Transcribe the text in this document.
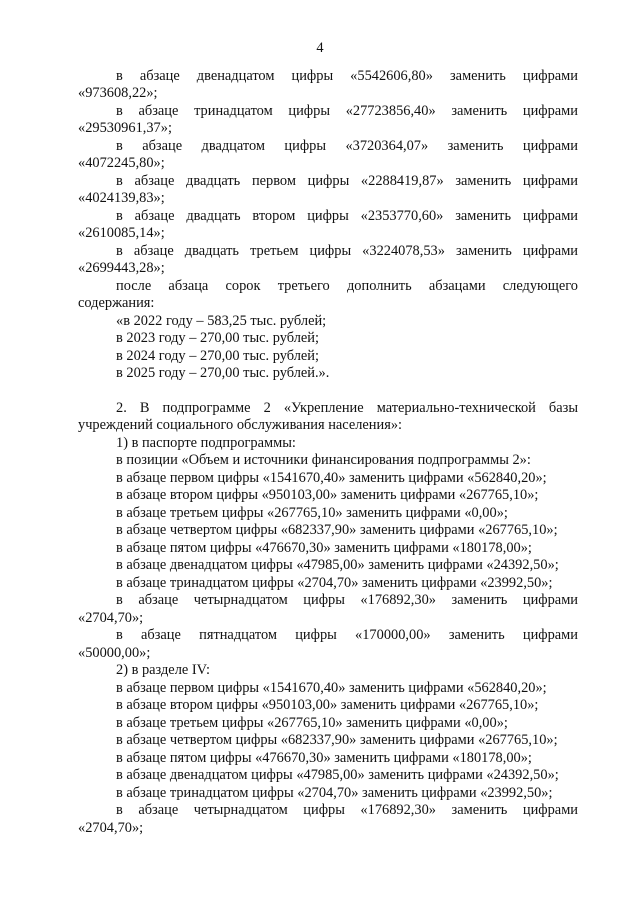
4
в абзаце двенадцатом цифры «5542606,80» заменить цифрами
«973608,22»;
в абзаце тринадцатом цифры «27723856,40» заменить цифрами
«29530961,37»;
в абзаце двадцатом цифры «3720364,07» заменить цифрами
«4072245,80»;
в абзаце двадцать первом цифры «2288419,87» заменить цифрами
«4024139,83»;
в абзаце двадцать втором цифры «2353770,60» заменить цифрами
«2610085,14»;
в абзаце двадцать третьем цифры «3224078,53» заменить цифрами
«2699443,28»;
после абзаца сорок третьего дополнить абзацами следующего
содержания:
«в 2022 году – 583,25 тыс. рублей;
в 2023 году – 270,00 тыс. рублей;
в 2024 году – 270,00 тыс. рублей;
в 2025 году – 270,00 тыс. рублей.».
2. В подпрограмме 2 «Укрепление материально-технической базы
учреждений социального обслуживания населения»:
1) в паспорте подпрограммы:
в позиции «Объем и источники финансирования подпрограммы 2»:
в абзаце первом цифры «1541670,40» заменить цифрами «562840,20»;
в абзаце втором цифры «950103,00» заменить цифрами «267765,10»;
в абзаце третьем цифры «267765,10» заменить цифрами «0,00»;
в абзаце четвертом цифры «682337,90» заменить цифрами «267765,10»;
в абзаце пятом цифры «476670,30» заменить цифрами «180178,00»;
в абзаце двенадцатом цифры «47985,00» заменить цифрами «24392,50»;
в абзаце тринадцатом цифры «2704,70» заменить цифрами «23992,50»;
в абзаце четырнадцатом цифры «176892,30» заменить цифрами
«2704,70»;
в абзаце пятнадцатом цифры «170000,00» заменить цифрами
«50000,00»;
2) в разделе IV:
в абзаце первом цифры «1541670,40» заменить цифрами «562840,20»;
в абзаце втором цифры «950103,00» заменить цифрами «267765,10»;
в абзаце третьем цифры «267765,10» заменить цифрами «0,00»;
в абзаце четвертом цифры «682337,90» заменить цифрами «267765,10»;
в абзаце пятом цифры «476670,30» заменить цифрами «180178,00»;
в абзаце двенадцатом цифры «47985,00» заменить цифрами «24392,50»;
в абзаце тринадцатом цифры «2704,70» заменить цифрами «23992,50»;
в абзаце четырнадцатом цифры «176892,30» заменить цифрами
«2704,70»;
